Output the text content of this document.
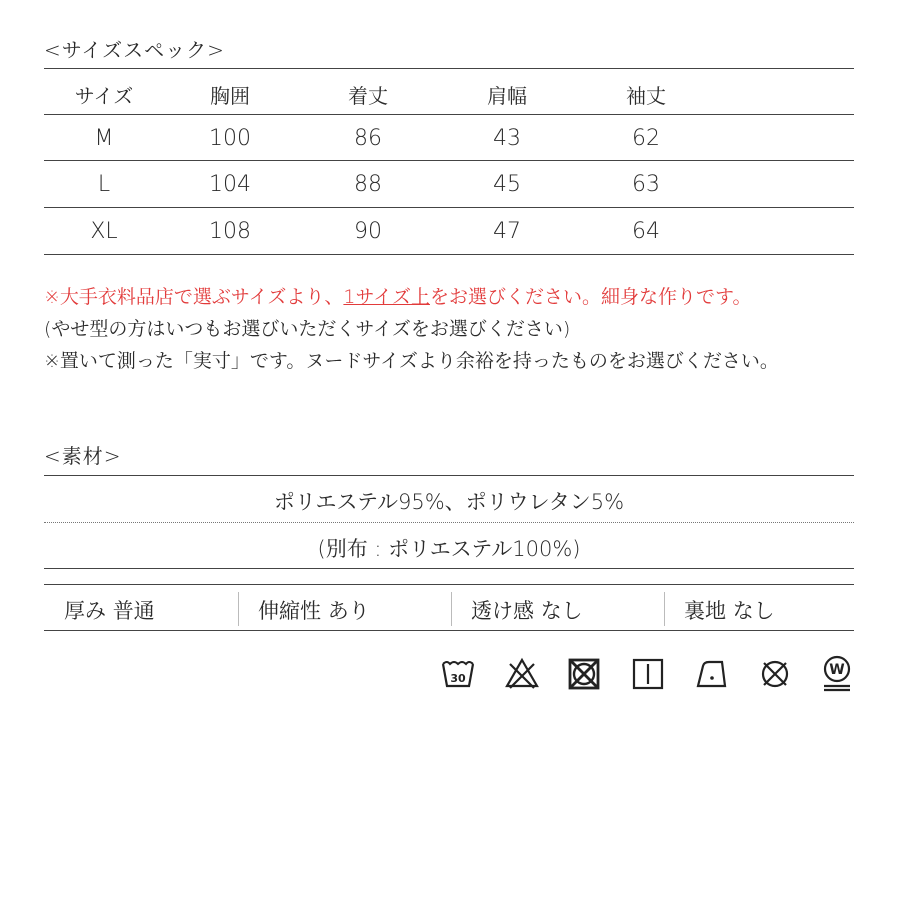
<サイズスペック>
サイズ	胸囲	着丈	肩幅	袖丈
M	100	86	43	62
L	104	88	45	63
XL	108	90	47	64
※大手衣料品店で選ぶサイズより、1サイズ上をお選びください。細身な作りです。
(やせ型の方はいつもお選びいただくサイズをお選びください)
※置いて測った「実寸」です。ヌードサイズより余裕を持ったものをお選びください。
<素材>
ポリエステル95%、ポリウレタン5%
(別布 : ポリエステル100%)
厚み 普通	伸縮性 あり	透け感 なし	裏地 なし
30
W
